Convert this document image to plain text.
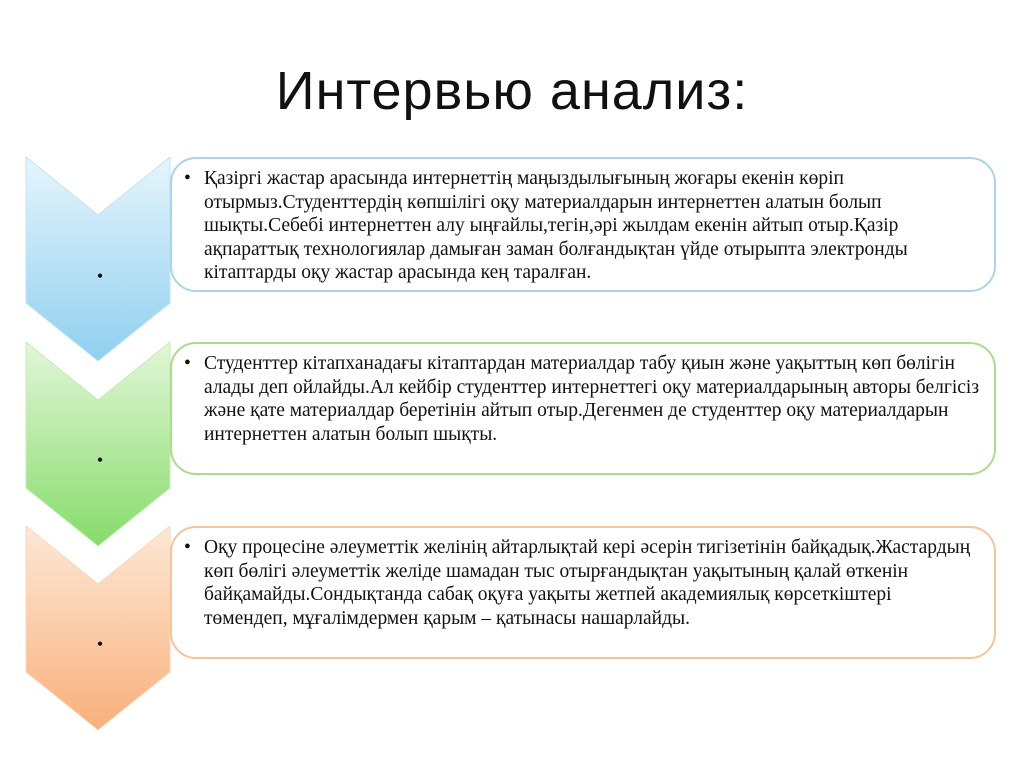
Интервью анализ:
•
•
•
• Қазіргі жастар арасында интернеттің маңыздылығының жоғары екенін көріп отырмыз.Студенттердің көпшілігі оқу материалдарын интернеттен алатын болып шықты.Себебі интернеттен алу ыңғайлы,тегін,әрі жылдам екенін айтып отыр.Қазір ақпараттық технологиялар дамыған заман болғандықтан үйде отырыпта электронды кітаптарды оқу жастар арасында кең таралған.
• Студенттер кітапханадағы кітаптардан материалдар табу қиын және уақыттың көп бөлігін алады деп ойлайды.Ал кейбір студенттер интернеттегі оқу материалдарының авторы белгісіз және қате материалдар беретінін айтып отыр.Дегенмен де студенттер оқу материалдарын интернеттен алатын болып шықты.
• Оқу процесіне әлеуметтік желінің айтарлықтай кері әсерін тигізетінін байқадық.Жастардың көп бөлігі әлеуметтік желіде шамадан тыс отырғандықтан уақытының қалай өткенін байқамайды.Сондықтанда сабақ оқуға уақыты жетпей академиялық көрсеткіштері төмендеп, мұғалімдермен қарым – қатынасы нашарлайды.
